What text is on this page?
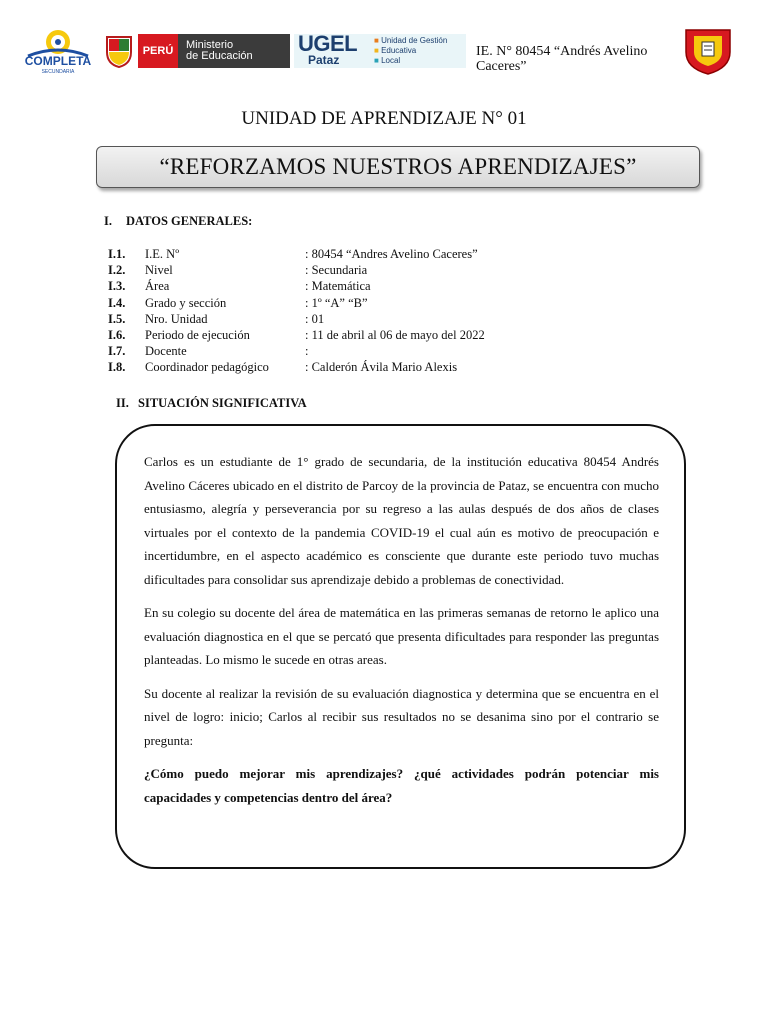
COMPLETA
SECUNDARIA
PERÚ	Ministerio
de Educación	UGEL
Pataz
■ Unidad de Gestión
■ Educativa
■ Local
IE. N° 80454 “Andrés Avelino
Caceres”
UNIDAD DE APRENDIZAJE N° 01
“REFORZAMOS NUESTROS APRENDIZAJES”
I. DATOS GENERALES:
I.1. I.E. Nº	: 80454 “Andres Avelino Caceres”
I.2. Nivel	: Secundaria
I.3. Área	: Matemática
I.4. Grado y sección	: 1º “A” “B”
I.5. Nro. Unidad	: 01
I.6. Periodo de ejecución	: 11 de abril al 06 de mayo del 2022
I.7. Docente	:
I.8. Coordinador pedagógico	: Calderón Ávila Mario Alexis
II. SITUACIÓN SIGNIFICATIVA

Carlos es un estudiante de 1° grado de secundaria, de la institución educativa 80454 Andrés Avelino Cáceres ubicado en el distrito de Parcoy de la provincia de Pataz, se encuentra con mucho entusiasmo, alegría y perseverancia por su regreso a las aulas después de dos años de clases virtuales por el contexto de la pandemia COVID-19 el cual aún es motivo de preocupación e incertidumbre, en el aspecto académico es consciente que durante este periodo tuvo muchas dificultades para consolidar sus aprendizaje debido a problemas de conectividad.

En su colegio su docente del área de matemática en las primeras semanas de retorno le aplico una evaluación diagnostica en el que se percató que presenta dificultades para responder las preguntas planteadas. Lo mismo le sucede en otras areas.

Su docente al realizar la revisión de su evaluación diagnostica y determina que se encuentra en el nivel de logro: inicio; Carlos al recibir sus resultados no se desanima sino por el contrario se pregunta:

¿Cómo puedo mejorar mis aprendizajes? ¿qué actividades podrán potenciar mis capacidades y competencias dentro del área?
